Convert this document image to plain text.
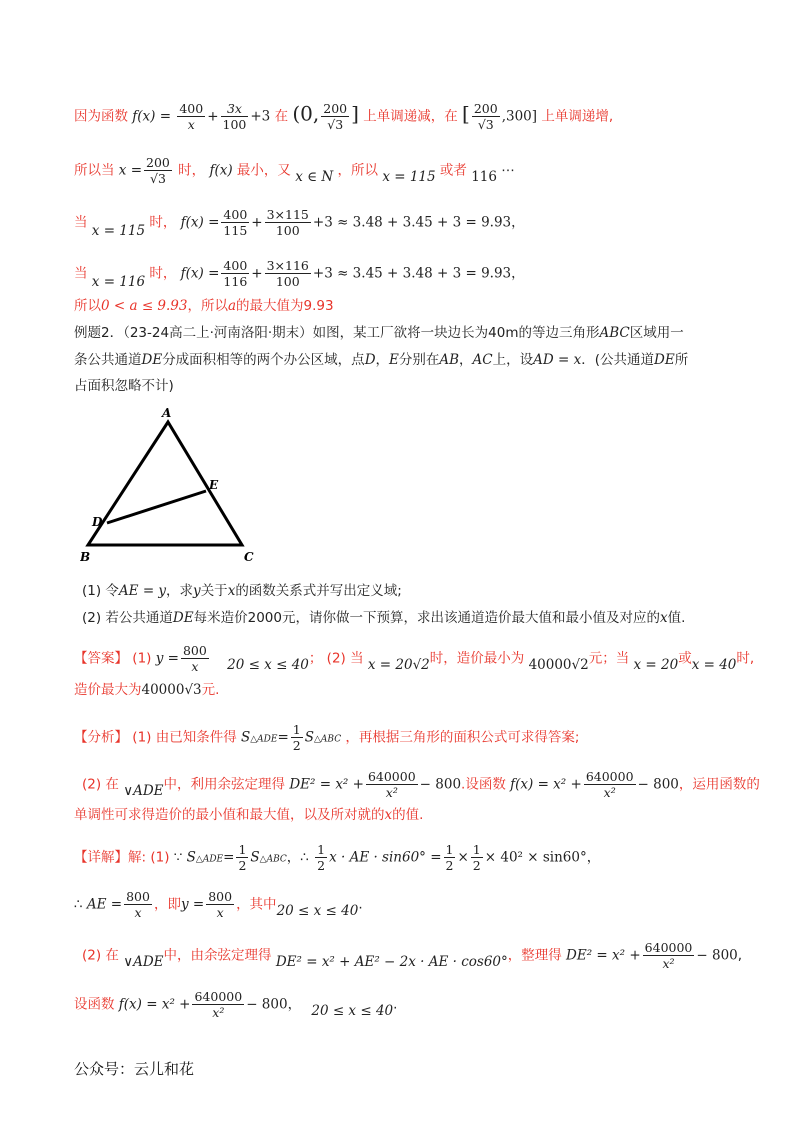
因为函数 $f(x) = \frac{400}{x} + \frac{3x}{100} +3$ 在 (0, $\frac{200}{√3}$ ] 上单调递减，在 [ $\frac{200}{√3} ,300$] 上单调递增,
所以当 $x = \frac{200}{√3}$ 时， f(x) 最小，又 x ∈ N ，所以 x = 115 或者 116 ⋯
当 x = 115 时， $f(x) = \frac{400}{115} + \frac{3\times 115}{100} +3 \approx 3.48 + 3.45 + 3 = 9.93$，
当 x = 116 时， $f(x) = \frac{400}{116} + \frac{3\times 116}{100} +3 \approx 3.45 + 3.48 + 3 = 9.93$，
所以0 < a ≤ 9.93，所以a的最大值为9.93
例题2．（23-24高二上·河南洛阳·期末）如图，某工厂欲将一块边长为40m的等边三角形ABC区域用一
条公共通道DE分成面积相等的两个办公区域，点D，E分别在AB，AC上，设AD = x．(公共通道DE所
占面积忽略不计)
A
B	C
D
E
(1) 令AE = y，求y关于x的函数关系式并写出定义域;
(2) 若公共通道DE每米造价2000元，请你做一下预算，求出该通道造价最大值和最小值及对应的x值.
【答案】 (1) $y = \frac{800}{x} 20 \le x \le 40$； (2) 当 x = 20√2时，造价最小为 40000√2元；当 x = 20或x = 40时,
造价最大为40000√3元.
【分析】 (1) 由已知条件得 S△ADE= $\frac{1}{2}$ S△ABC ，再根据三角形的面积公式可求得答案;
(2) 在 ∨ADE中，利用余弦定理得 $DE^2 = x^2 + \frac{640000}{\text{x²}} - 800$.设函数 $f(x) = x^2 + \frac{640000}{\text{x²}} - 800$，运用函数的
单调性可求得造价的最小值和最大值，以及所对就的x的值.
【详解】解: (1) ∵ S△ADE= $\frac{1}{2}$ S△ABC，∴ $\frac{1}{2}$ x · AE · $\sin 60^\circ = \frac{1}{2} \times \frac{1}{2} \times 40^2 \times \sin 60^\circ$，
∴ AE = $\frac{800}{x}$ ，即$y = \frac{800}{x}$ ，其中20 ≤ x ≤ 40.
(2) 在 ∨ADE中，由余弦定理得 DE² = x² + AE² − 2x · AE · cos60°，整理得 $DE^2 = x^2 + \frac{640000}{\text{x²}} - 800$,
设函数 $f(x) = x^2 + \frac{640000}{\text{x²}} - 800$， 20 ≤ x ≤ 40.
公众号：云儿和花
